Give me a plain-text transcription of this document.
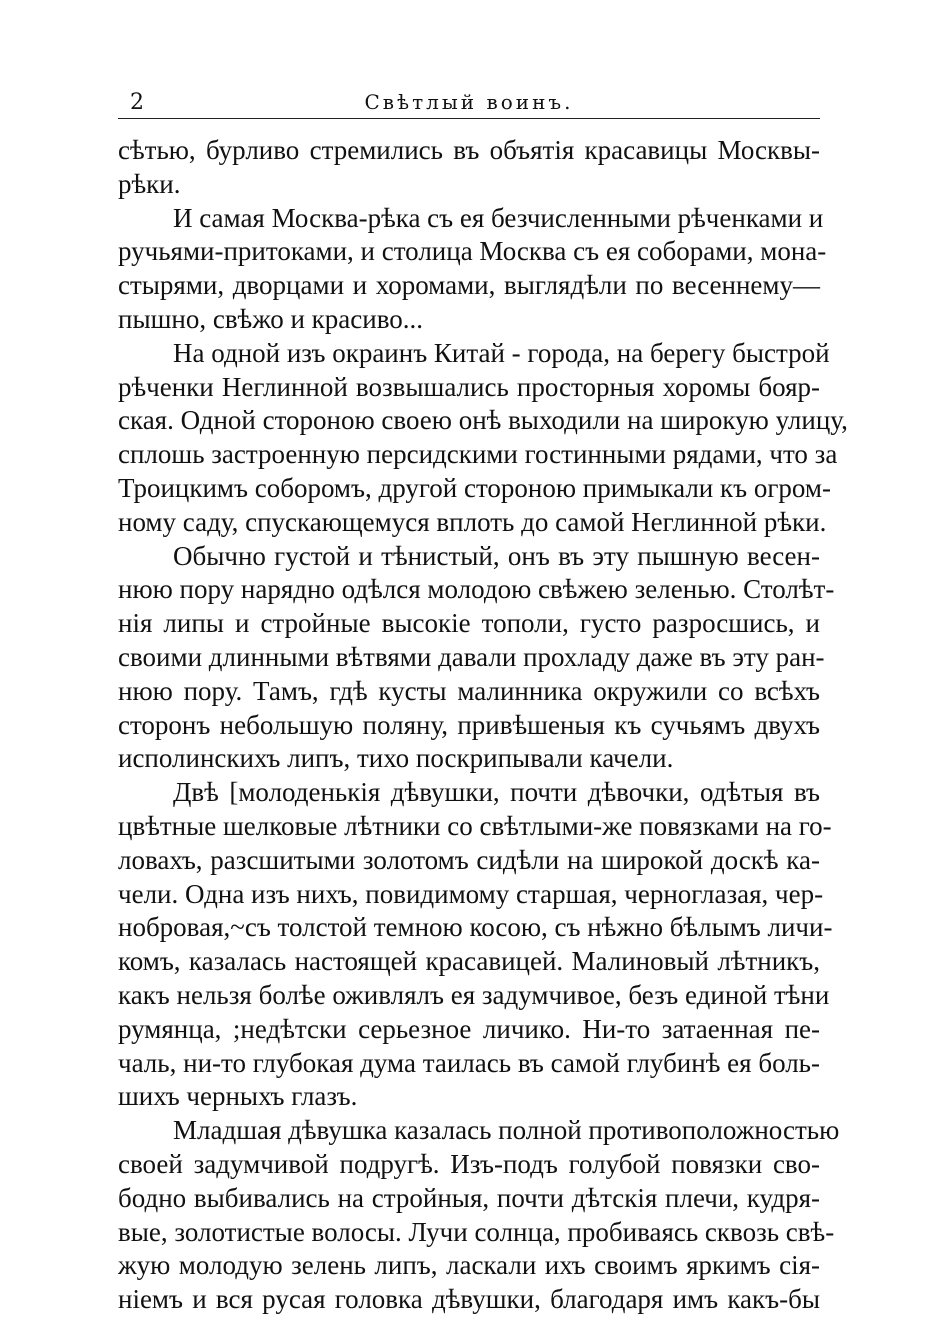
2	Свѣтлый воинъ.
сѣтью, бурливо стремились въ объятія красавицы Москвы-
рѣки.
И самая Москва-рѣка съ ея безчисленными рѣченками и
ручьями-притоками, и столица Москва съ ея соборами, мона-
стырями, дворцами и хоромами, выглядѣли по весеннему—
пышно, свѣжо и красиво...
На одной изъ окраинъ Китай - города, на берегу быстрой
рѣченки Неглинной возвышались просторныя хоромы бояр-
ская. Одной стороною своею онѣ выходили на широкую улицу,
сплошь застроенную персидскими гостинными рядами, что за
Троицкимъ соборомъ, другой стороною примыкали къ огром-
ному саду, спускающемуся вплоть до самой Неглинной рѣки.
Обычно густой и тѣнистый, онъ въ эту пышную весен-
нюю пору нарядно одѣлся молодою свѣжею зеленью. Столѣт-
нія липы и стройные высокіе тополи, густо разросшись, и
своими длинными вѣтвями давали прохладу даже въ эту ран-
нюю пору. Тамъ, гдѣ кусты малинника окружили со всѣхъ
сторонъ небольшую поляну, привѣшеныя къ сучьямъ двухъ
исполинскихъ липъ, тихо поскрипывали качели.
Двѣ [молоденькія дѣвушки, почти дѣвочки, одѣтыя въ
цвѣтные шелковые лѣтники со свѣтлыми-же повязками на го-
ловахъ, разсшитыми золотомъ сидѣли на широкой доскѣ ка-
чели. Одна изъ нихъ, повидимому старшая, черноглазая, чер-
нобровая,~съ толстой темною косою, съ нѣжно бѣлымъ личи-
комъ, казалась настоящей красавицей. Малиновый лѣтникъ,
какъ нельзя болѣе оживлялъ ея задумчивое, безъ единой тѣни
румянца, ;недѣтски серьезное личико. Ни-то затаенная пе-
чаль, ни-то глубокая дума таилась въ самой глубинѣ ея боль-
шихъ черныхъ глазъ.
Младшая дѣвушка казалась полной противоположностью
своей задумчивой подругѣ. Изъ-подъ голубой повязки сво-
бодно выбивались на стройныя, почти дѣтскія плечи, кудря-
вые, золотистые волосы. Лучи солнца, пробиваясь сквозь свѣ-
жую молодую зелень липъ, ласкали ихъ своимъ яркимъ сія-
ніемъ и вся русая головка дѣвушки, благодаря имъ какъ-бы
